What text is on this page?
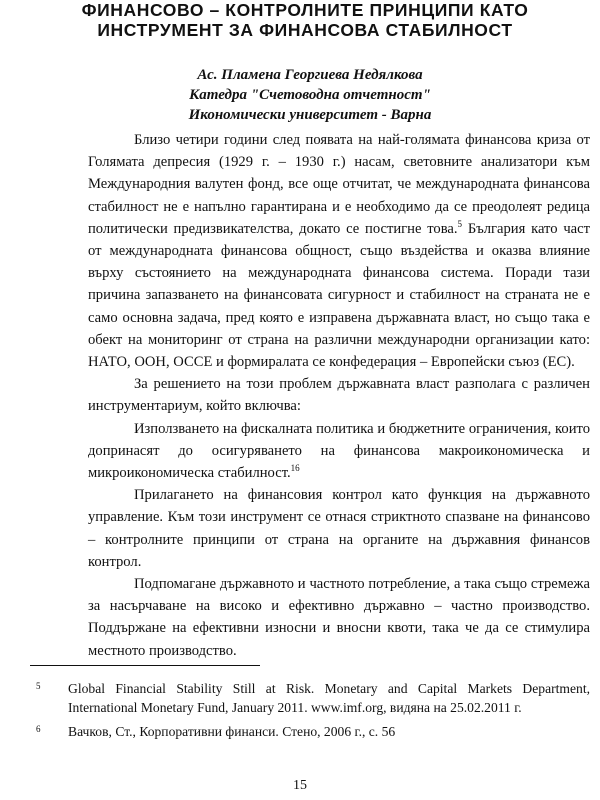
ФИНАНСОВО – КОНТРОЛНИТЕ ПРИНЦИПИ КАТО
ИНСТРУМЕНТ ЗА ФИНАНСОВА СТАБИЛНОСТ

Ас. Пламена Георгиева Недялкова

Катедра "Счетоводна отчетност"

Икономически университет - Варна

Близо четири години след появата на най-голямата финансова криза от Голямата депресия (1929 г. – 1930 г.) насам, световните анализатори към Международния валутен фонд, все още отчитат, че международната финансова стабилност не е напълно гарантирана и е необходимо да се преодолеят редица политически предизвикателства, докато се постигне това.$^5$ България като част от международната финансова общност, също въздейства и оказва влияние върху състоянието на международната финансова система. Поради тази причина запазването на финансовата сигурност и стабилност на страната не е само основна задача, пред която е изправена държавната власт, но също така е обект на мониторинг от страна на различни международни организации като: НАТО, ООН, ОССЕ и формиралата се конфедерация – Европейски съюз (ЕС).

За решението на този проблем държавната власт разполага с различен инструментариум, който включва:

Използването на фискалната политика и бюджетните ограничения, които допринасят до осигуряването на финансова макроикономическа и микроикономическа стабилност.$^{16}$

Прилагането на финансовия контрол като функция на държавното управление. Към този инструмент се отнася стриктното спазване на финансово – контролните принципи от страна на органите на държавния финансов контрол.

Подпомагане държавното и частното потребление, а така също стремежа за насърчаване на високо и ефективно държавно – частно производство. Поддържане на ефективни износни и вносни квоти, така че да се стимулира местното производство.

5 Global Financial Stability Still at Risk. Monetary and Capital Markets Department, International Monetary Fund, January 2011. www.imf.org, видяна на 25.02.2011 г.

6 Вачков, Ст., Корпоративни финанси. Стено, 2006 г., с. 56

15
